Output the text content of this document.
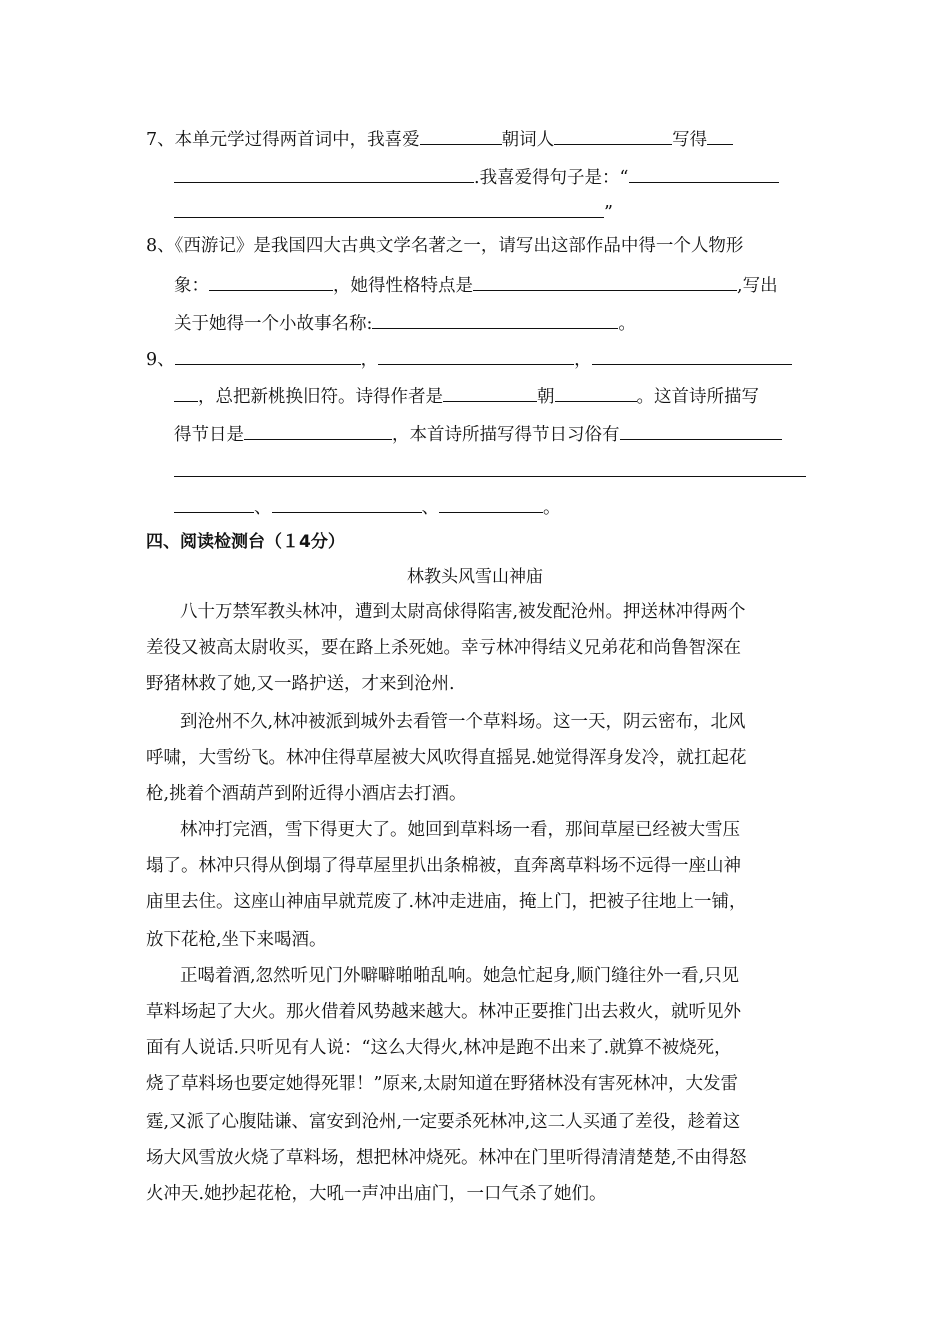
7、本单元学过得两首词中，我喜爱	朝词人	写得
.我喜爱得句子是：“
”
8、《西游记》是我国四大古典文学名著之一，请写出这部作品中得一个人物形
象：	，她得性格特点是	,写出
关于她得一个小故事名称:	。
9、	，	，
，总把新桃换旧符。诗得作者是	朝	。这首诗所描写
得节日是	，本首诗所描写得节日习俗有
、	、	。
四、阅读检测台（１4分）
林教头风雪山神庙
八十万禁军教头林冲，遭到太尉高俅得陷害,被发配沧州。押送林冲得两个
差役又被高太尉收买，要在路上杀死她。幸亏林冲得结义兄弟花和尚鲁智深在
野猪林救了她,又一路护送，才来到沧州.
到沧州不久,林冲被派到城外去看管一个草料场。这一天，阴云密布，北风
呼啸，大雪纷飞。林冲住得草屋被大风吹得直摇晃.她觉得浑身发冷，就扛起花
枪,挑着个酒葫芦到附近得小酒店去打酒。
林冲打完酒，雪下得更大了。她回到草料场一看，那间草屋已经被大雪压
塌了。林冲只得从倒塌了得草屋里扒出条棉被，直奔离草料场不远得一座山神
庙里去住。这座山神庙早就荒废了.林冲走进庙，掩上门，把被子往地上一铺，
放下花枪,坐下来喝酒。
正喝着酒,忽然听见门外噼噼啪啪乱响。她急忙起身,顺门缝往外一看,只见
草料场起了大火。那火借着风势越来越大。林冲正要推门出去救火，就听见外
面有人说话.只听见有人说：“这么大得火,林冲是跑不出来了.就算不被烧死，
烧了草料场也要定她得死罪！”原来,太尉知道在野猪林没有害死林冲，大发雷
霆,又派了心腹陆谦、富安到沧州,一定要杀死林冲,这二人买通了差役，趁着这
场大风雪放火烧了草料场，想把林冲烧死。林冲在门里听得清清楚楚,不由得怒
火冲天.她抄起花枪，大吼一声冲出庙门，一口气杀了她们。
